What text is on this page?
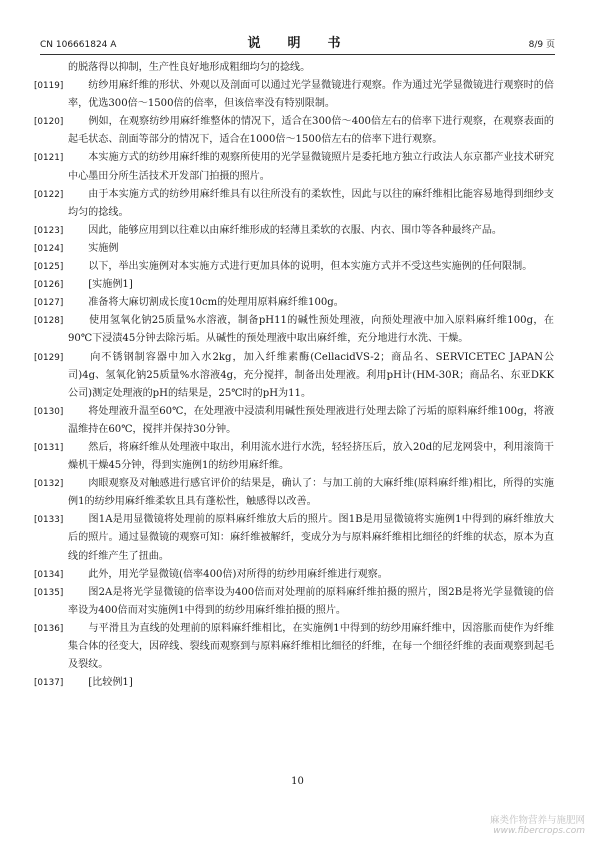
CN 106661824 A	说　明　书	8/9 页

的脱落得以抑制，生产性良好地形成粗细均匀的捻线。

[0119]
　　 纺纱用麻纤维的形状、外观以及剖面可以通过光学显微镜进行观察。作为通过光学显微镜进行观察时的倍率，优选300倍～1500倍的倍率，但该倍率没有特别限制。

[0120]
　　 例如，在观察纺纱用麻纤维整体的情况下，适合在300倍～400倍左右的倍率下进行观察，在观察表面的起毛状态、剖面等部分的情况下，适合在1000倍～1500倍左右的倍率下进行观察。

[0121]
　　 本实施方式的纺纱用麻纤维的观察所使用的光学显微镜照片是委托地方独立行政法人东京都产业技术研究中心墨田分所生活技术开发部门拍摄的照片。

[0122]
　　 由于本实施方式的纺纱用麻纤维具有以往所没有的柔软性，因此与以往的麻纤维相比能容易地得到细纱支均匀的捻线。

[0123]
　　 因此，能够应用到以往难以由麻纤维形成的轻薄且柔软的衣服、内衣、围巾等各种最终产品。

[0124]
　　 实施例

[0125]
　　 以下，举出实施例对本实施方式进行更加具体的说明，但本实施方式并不受这些实施例的任何限制。

[0126]
　　 [实施例1]

[0127]
　　 准备将大麻切割成长度10cm的处理用原料麻纤维100g。

[0128]
　　	使用氢氧化钠25质量%水溶液，制备pH11的碱性预处理液，向预处理液中加入原料麻纤维100g，在90℃下浸渍45分钟去除污垢。从碱性的预处理液中取出麻纤维，充分地进行水洗、干燥。

[0129]
　　	向不锈钢制容器中加入水2kg，加入纤维素酶(CellacidVS-2；商品名、SERVICETEC JAPAN公司)4g、氢氧化钠25质量%水溶液4g，充分搅拌，制备出处理液。利用pH计(HM-30R；商品名、东亚DKK公司)测定处理液的pH的结果是，25℃时的pH为11。

[0130]
　　 将处理液升温至60℃，在处理液中浸渍利用碱性预处理液进行处理去除了污垢的原料麻纤维100g，将液温维持在60℃，搅拌并保持30分钟。

[0131]
　　 然后，将麻纤维从处理液中取出，利用流水进行水洗，轻轻挤压后，放入20d的尼龙网袋中，利用滚筒干燥机干燥45分钟，得到实施例1的纺纱用麻纤维。

[0132]
　　 肉眼观察及对触感进行感官评价的结果是，确认了：与加工前的大麻纤维(原料麻纤维)相比，所得的实施例1的纺纱用麻纤维柔软且具有蓬松性，触感得以改善。

[0133]
　　	图1A是用显微镜将处理前的原料麻纤维放大后的照片。图1B是用显微镜将实施例1中得到的麻纤维放大后的照片。通过显微镜的观察可知：麻纤维被解纤，变成分为与原料麻纤维相比细径的纤维的状态，原本为直线的纤维产生了扭曲。

[0134]
　　 此外，用光学显微镜(倍率400倍)对所得的纺纱用麻纤维进行观察。

[0135]
　　 图2A是将光学显微镜的倍率设为400倍而对处理前的原料麻纤维拍摄的照片，图2B是将光学显微镜的倍率设为400倍而对实施例1中得到的纺纱用麻纤维拍摄的照片。

[0136]
　　 与平滑且为直线的处理前的原料麻纤维相比，在实施例1中得到的纺纱用麻纤维中，因溶胀而使作为纤维集合体的径变大，因碎线、裂线而观察到与原料麻纤维相比细径的纤维，在每一个细径纤维的表面观察到起毛及裂纹。

[0137]
　　 [比较例1]

10
麻类作物营养与施肥网
www.fibercrops.com
